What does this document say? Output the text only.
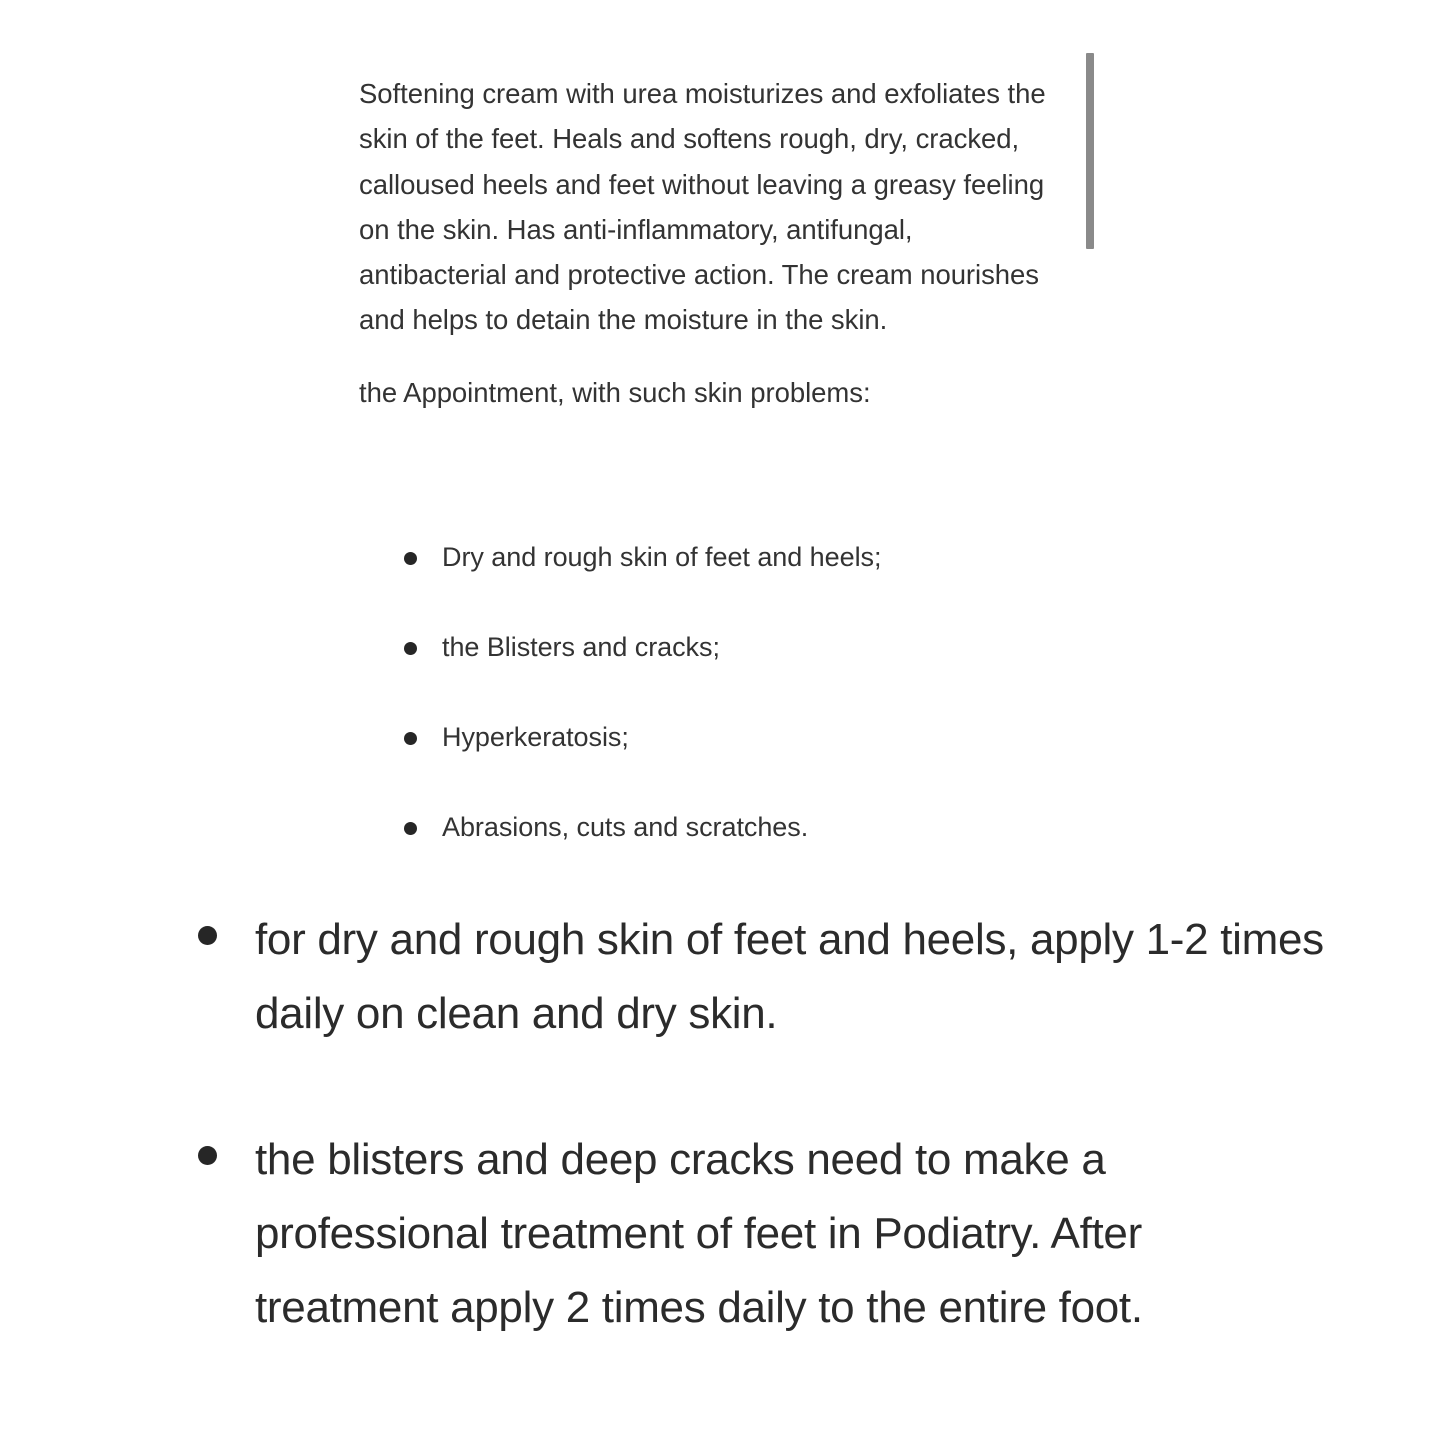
Softening cream with urea moisturizes and exfoliates the skin of the feet. Heals and softens rough, dry, cracked, calloused heels and feet without leaving a greasy feeling on the skin. Has anti-inflammatory, antifungal, antibacterial and protective action. The cream nourishes and helps to detain the moisture in the skin.

the Appointment, with such skin problems:

Dry and rough skin of feet and heels;
the Blisters and cracks;
Hyperkeratosis;
Abrasions, cuts and scratches.
for dry and rough skin of feet and heels, apply 1-2 times daily on clean and dry skin.
the blisters and deep cracks need to make a professional treatment of feet in Podiatry. After treatment apply 2 times daily to the entire foot.
